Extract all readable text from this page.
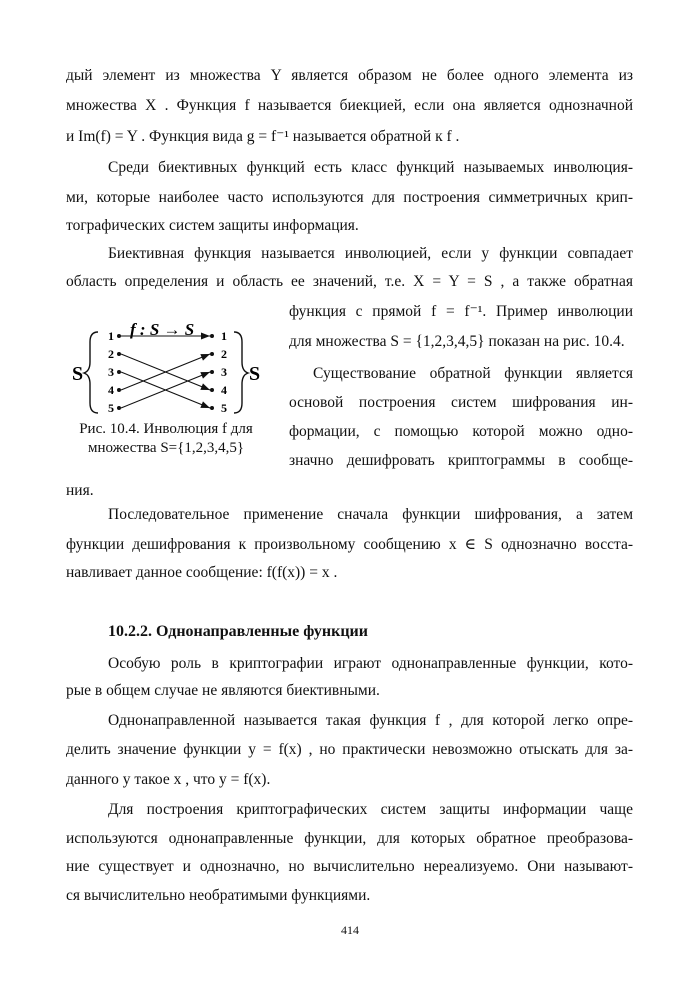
дый элемент из множества Y является образом не более одного элемента из
множества X . Функция f называется биекцией, если она является однозначной
и Im(f) = Y . Функция вида g = f⁻¹ называется обратной к f .
Среди биективных функций есть класс функций называемых инволюция-
ми, которые наиболее часто используются для построения симметричных крип-
тографических систем защиты информация.
Биективная функция называется инволюцией, если у функции совпадает
область определения и область ее значений, т.е. X = Y = S , а также обратная
функция с прямой f = f⁻¹. Пример инволюции
для множества S = {1,2,3,4,5} показан на рис. 10.4.
Существование обратной функции является
основой построения систем шифрования ин-
формации, с помощью которой можно одно-
значно дешифровать криптограммы в сообще-
ния.
f : S → S
S	S
1
2
3
4
5
1
2
3
4
5
Рис. 10.4. Инволюция f для
множества S={1,2,3,4,5}
Последовательное применение сначала функции шифрования, а затем
функции дешифрования к произвольному сообщению x ∈ S однозначно восста-
навливает данное сообщение: f(f(x)) = x .
10.2.2. Однонаправленные функции
Особую роль в криптографии играют однонаправленные функции, кото-
рые в общем случае не являются биективными.
Однонаправленной называется такая функция f , для которой легко опре-
делить значение функции y = f(x) , но практически невозможно отыскать для за-
данного y такое x , что y = f(x).
Для построения криптографических систем защиты информации чаще
используются однонаправленные функции, для которых обратное преобразова-
ние существует и однозначно, но вычислительно нереализуемо. Они называют-
ся вычислительно необратимыми функциями.
414
